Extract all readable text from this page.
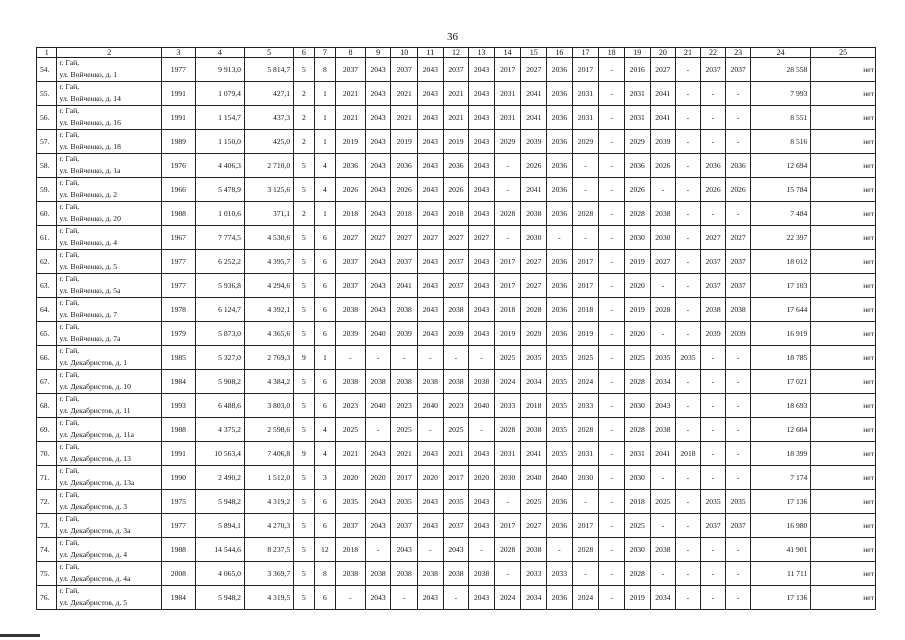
36
1	2	3	4	5	6	7	8	9	10	11	12	13	14	15	16	17	18	19	20	21	22	23	24	25
54.	г. Гай,
ул. Войченко, д. 1	1977	9 913,0	5 814,7	5	8	2037	2043	2037	2043	2037	2043	2017	2027	2036	2017	-	2016	2027	-	2037	2037	28 558	нет
55.	г. Гай,
ул. Войченко, д. 14	1991	1 079,4	427,1	2	1	2021	2043	2021	2043	2021	2043	2031	2041	2036	2031	-	2031	2041	-	-	-	7 993	нет
56.	г. Гай,
ул. Войченко, д. 16	1991	1 154,7	437,3	2	1	2021	2043	2021	2043	2021	2043	2031	2041	2036	2031	-	2031	2041	-	-	-	8 551	нет
57.	г. Гай,
ул. Войченко, д. 18	1989	1 150,0	425,0	2	1	2019	2043	2019	2043	2019	2043	2029	2039	2036	2029	-	2029	2039	-	-	-	8 516	нет
58.	г. Гай,
ул. Войченко, д. 1а	1976	4 406,3	2 710,0	5	4	2036	2043	2036	2043	2036	2043	-	2026	2036	-	-	2036	2026	-	2036	2036	12 694	нет
59.	г. Гай,
ул. Войченко, д. 2	1966	5 478,9	3 125,6	5	4	2026	2043	2026	2043	2026	2043	-	2041	2036	-	-	2026	-	-	2026	2026	15 784	нет
60.	г. Гай,
ул. Войченко, д. 20	1988	1 010,6	371,1	2	1	2018	2043	2018	2043	2018	2043	2028	2038	2036	2028	-	2028	2038	-	-	-	7 484	нет
61.	г. Гай,
ул. Войченко, д. 4	1967	7 774,5	4 530,6	5	6	2027	2027	2027	2027	2027	2027	-	2030	-	-	-	2030	2030	-	2027	2027	22 397	нет
62.	г. Гай,
ул. Войченко, д. 5	1977	6 252,2	4 395,7	5	6	2037	2043	2037	2043	2037	2043	2017	2027	2036	2017	-	2019	2027	-	2037	2037	18 012	нет
63.	г. Гай,
ул. Войченко, д. 5а	1977	5 936,8	4 294,6	5	6	2037	2043	2041	2043	2037	2043	2017	2027	2036	2017	-	2020	-	-	2037	2037	17 103	нет
64.	г. Гай,
ул. Войченко, д. 7	1978	6 124,7	4 392,1	5	6	2038	2043	2038	2043	2038	2043	2018	2028	2036	2018	-	2019	2028	-	2038	2038	17 644	нет
65.	г. Гай,
ул. Войченко, д. 7а	1979	5 873,0	4 365,6	5	6	2039	2040	2039	2043	2039	2043	2019	2029	2036	2019	-	2020	-	-	2039	2039	16 919	нет
66.	г. Гай,
ул. Декабристов, д. 1	1985	5 327,0	2 769,3	9	1	-	-	-	-	-	-	2025	2035	2035	2025	-	2025	2035	2035	-	-	18 785	нет
67.	г. Гай,
ул. Декабристов, д. 10	1984	5 908,2	4 384,2	5	6	2038	2038	2038	2038	2038	2038	2024	2034	2035	2024	-	2028	2034	-	-	-	17 021	нет
68.	г. Гай,
ул. Декабристов, д. 11	1993	6 488,6	3 803,0	5	6	2023	2040	2023	2040	2023	2040	2033	2018	2035	2033	-	2030	2043	-	-	-	18 693	нет
69.	г. Гай,
ул. Декабристов, д. 11а	1988	4 375,2	2 598,6	5	4	2025	-	2025	-	2025	-	2028	2038	2035	2028	-	2028	2038	-	-	-	12 604	нет
70.	г. Гай,
ул. Декабристов, д. 13	1991	10 563,4	7 406,8	9	4	2021	2043	2021	2043	2021	2043	2031	2041	2035	2031	-	2031	2041	2018	-	-	18 399	нет
71.	г. Гай,
ул. Декабристов, д. 13а	1990	2 490,2	1 512,0	5	3	2020	2020	2017	2020	2017	2020	2030	2040	2040	2030	-	2030	-	-	-	-	7 174	нет
72.	г. Гай,
ул. Декабристов, д. 3	1975	5 948,2	4 319,2	5	6	2035	2043	2035	2043	2035	2043	-	2025	2036	-	-	2018	2025	-	2035	2035	17 136	нет
73.	г. Гай,
ул. Декабристов, д. 3а	1977	5 894,1	4 270,3	5	6	2037	2043	2037	2043	2037	2043	2017	2027	2036	2017	-	2025	-	-	2037	2037	16 980	нет
74.	г. Гай,
ул. Декабристов, д. 4	1988	14 544,6	8 237,5	5	12	2018	-	2043	-	2043	-	2028	2038	-	2028	-	2030	2038	-	-	-	41 901	нет
75.	г. Гай,
ул. Декабристов, д. 4а	2008	4 065,0	3 369,7	5	8	2038	2038	2038	2038	2038	2038	-	2033	2033	-	-	2028	-	-	-	-	11 711	нет
76.	г. Гай,
ул. Декабристов, д. 5	1984	5 948,2	4 319,5	5	6	-	2043	-	2043	-	2043	2024	2034	2036	2024	-	2019	2034	-	-	-	17 136	нет
